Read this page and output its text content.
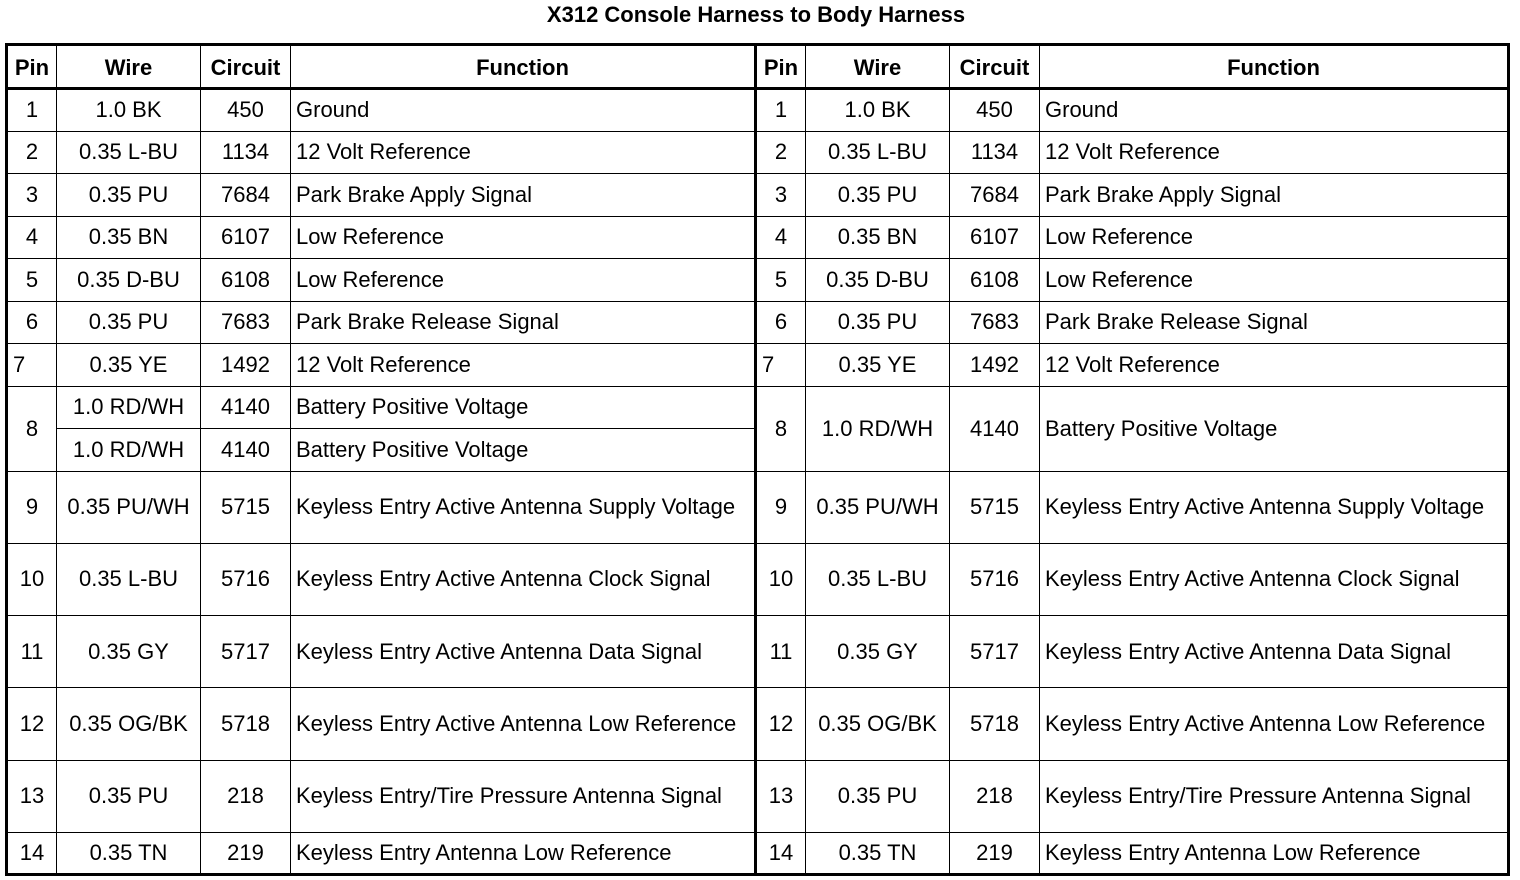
X312 Console Harness to Body Harness
Pin	Wire	Circuit	Function	Pin	Wire	Circuit	Function
1	1.0 BK	450	Ground	1	1.0 BK	450	Ground
2	0.35 L-BU	1134	12 Volt Reference	2	0.35 L-BU	1134	12 Volt Reference
3	0.35 PU	7684	Park Brake Apply Signal	3	0.35 PU	7684	Park Brake Apply Signal
4	0.35 BN	6107	Low Reference	4	0.35 BN	6107	Low Reference
5	0.35 D-BU	6108	Low Reference	5	0.35 D-BU	6108	Low Reference
6	0.35 PU	7683	Park Brake Release Signal	6	0.35 PU	7683	Park Brake Release Signal
7	0.35 YE	1492	12 Volt Reference	7	0.35 YE	1492	12 Volt Reference
8	1.0 RD/WH	4140	Battery Positive Voltage	8	1.0 RD/WH	4140	Battery Positive Voltage
	1.0 RD/WH	4140	Battery Positive Voltage				
9	0.35 PU/WH	5715	Keyless Entry Active Antenna Supply Voltage	9	0.35 PU/WH	5715	Keyless Entry Active Antenna Supply Voltage
10	0.35 L-BU	5716	Keyless Entry Active Antenna Clock Signal	10	0.35 L-BU	5716	Keyless Entry Active Antenna Clock Signal
11	0.35 GY	5717	Keyless Entry Active Antenna Data Signal	11	0.35 GY	5717	Keyless Entry Active Antenna Data Signal
12	0.35 OG/BK	5718	Keyless Entry Active Antenna Low Reference	12	0.35 OG/BK	5718	Keyless Entry Active Antenna Low Reference
13	0.35 PU	218	Keyless Entry/Tire Pressure Antenna Signal	13	0.35 PU	218	Keyless Entry/Tire Pressure Antenna Signal
14	0.35 TN	219	Keyless Entry Antenna Low Reference	14	0.35 TN	219	Keyless Entry Antenna Low Reference
